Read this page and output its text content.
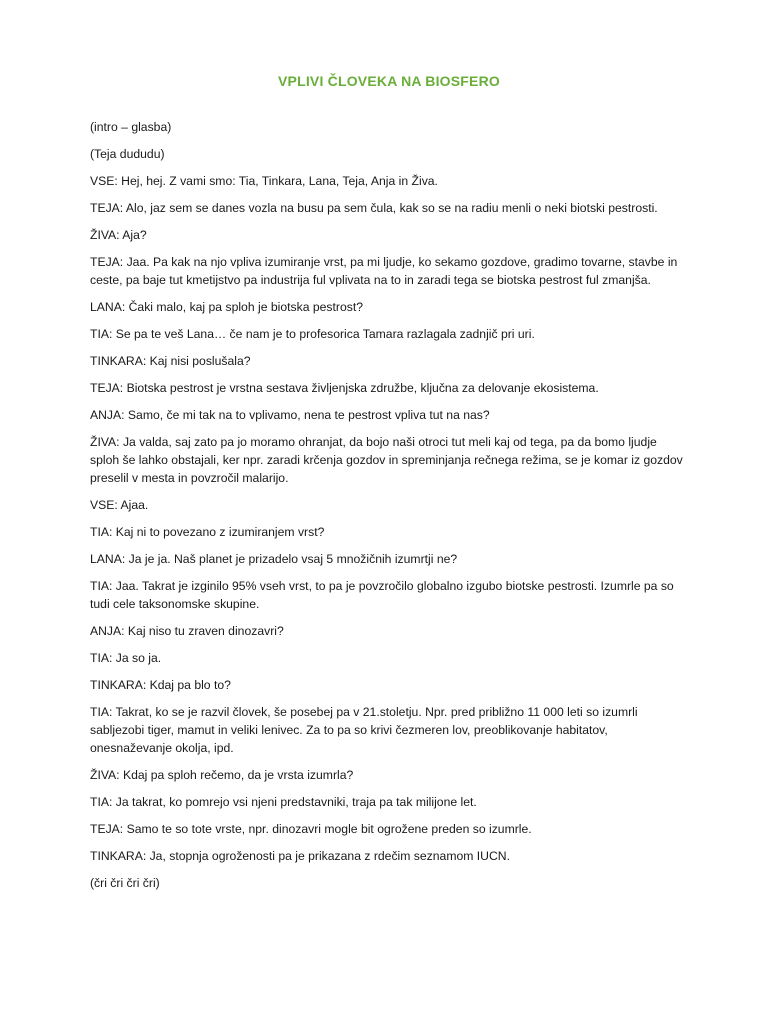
VPLIVI ČLOVEKA NA BIOSFERO

(intro – glasba)

(Teja dududu)

VSE: Hej, hej. Z vami smo: Tia, Tinkara, Lana, Teja, Anja in Živa.

TEJA: Alo, jaz sem se danes vozla na busu pa sem čula, kak so se na radiu menli o neki biotski pestrosti.

ŽIVA: Aja?

TEJA: Jaa. Pa kak na njo vpliva izumiranje vrst, pa mi ljudje, ko sekamo gozdove, gradimo tovarne, stavbe in ceste, pa baje tut kmetijstvo pa industrija ful vplivata na to in zaradi tega se biotska pestrost ful zmanjša.

LANA: Čaki malo, kaj pa sploh je biotska pestrost?

TIA: Se pa te veš Lana… če nam je to profesorica Tamara razlagala zadnjič pri uri.

TINKARA: Kaj nisi poslušala?

TEJA: Biotska pestrost je vrstna sestava življenjska združbe, ključna za delovanje ekosistema.

ANJA: Samo, če mi tak na to vplivamo, nena te pestrost vpliva tut na nas?

ŽIVA: Ja valda, saj zato pa jo moramo ohranjat, da bojo naši otroci tut meli kaj od tega, pa da bomo ljudje sploh še lahko obstajali, ker npr. zaradi krčenja gozdov in spreminjanja rečnega režima, se je komar iz gozdov preselil v mesta in povzročil malarijo.

VSE: Ajaa.

TIA: Kaj ni to povezano z izumiranjem vrst?

LANA: Ja je ja. Naš planet je prizadelo vsaj 5 množičnih izumrtji ne?

TIA: Jaa. Takrat je izginilo 95% vseh vrst, to pa je povzročilo globalno izgubo biotske pestrosti. Izumrle pa so tudi cele taksonomske skupine.

ANJA: Kaj niso tu zraven dinozavri?

TIA: Ja so ja.

TINKARA: Kdaj pa blo to?

TIA: Takrat, ko se je razvil človek, še posebej pa v 21.stoletju. Npr. pred približno 11 000 leti so izumrli sabljezobi tiger, mamut in veliki lenivec. Za to pa so krivi čezmeren lov, preoblikovanje habitatov, onesnaževanje okolja, ipd.

ŽIVA: Kdaj pa sploh rečemo, da je vrsta izumrla?

TIA: Ja takrat, ko pomrejo vsi njeni predstavniki, traja pa tak milijone let.

TEJA: Samo te so tote vrste, npr. dinozavri mogle bit ogrožene preden so izumrle.

TINKARA: Ja, stopnja ogroženosti pa je prikazana z rdečim seznamom IUCN.

(čri čri čri čri)
